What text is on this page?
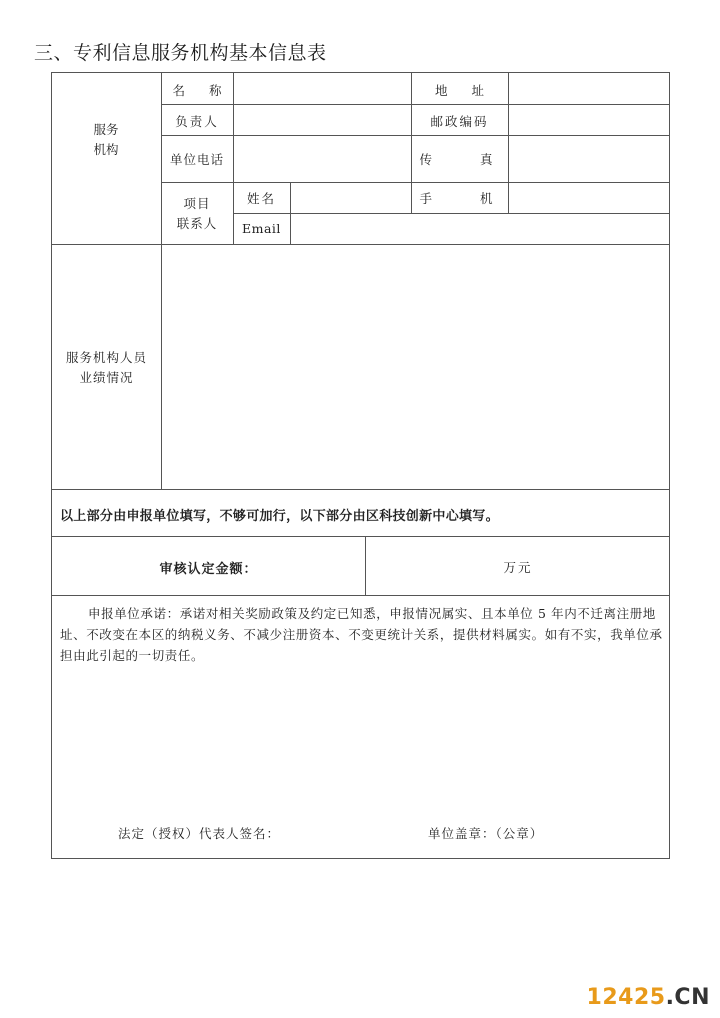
三、专利信息服务机构基本信息表
服务机构
名 称	地 址
负责人	邮政编码
单位电话	传 真
项目
联系人
姓名	手 机
Email
服务机构人员
业绩情况
以上部分由申报单位填写，不够可加行，以下部分由区科技创新中心填写。
审核认定金额：	万元
申报单位承诺：承诺对相关奖励政策及约定已知悉，申报情况属实、且本单位 5 年内不迁离注册地址、不改变在本区的纳税义务、不减少注册资本、不变更统计关系，提供材料属实。如有不实，我单位承担由此引起的一切责任。
法定（授权）代表人签名：	单位盖章：（公章）
12425.CN
